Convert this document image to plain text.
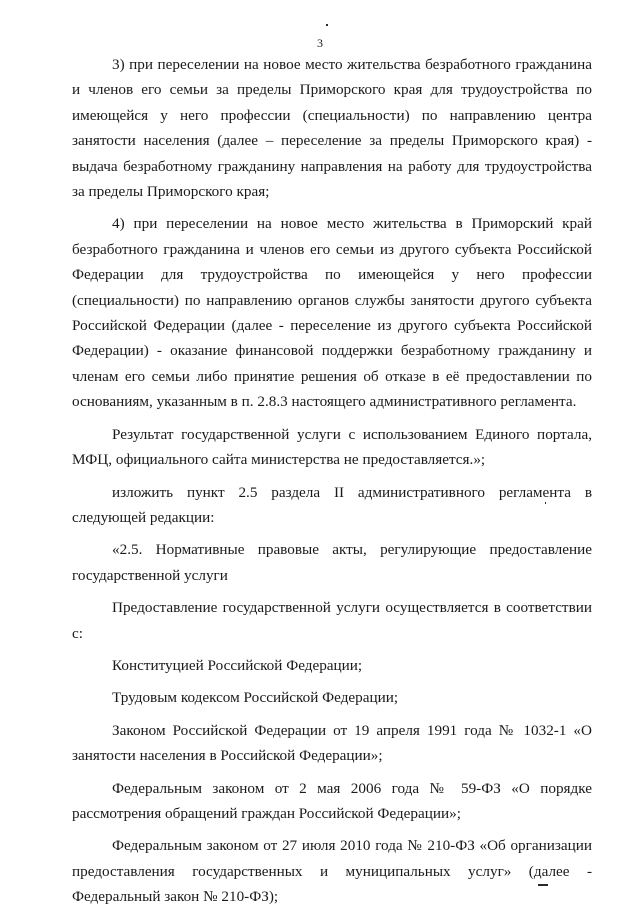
3

3) при переселении на новое место жительства безработного гражданина и членов его семьи за пределы Приморского края для трудоустройства по имеющейся у него профессии (специальности) по направлению центра занятости населения (далее – переселение за пределы Приморского края) - выдача безработному гражданину направления на работу для трудоустройства за пределы Приморского края;

4) при переселении на новое место жительства в Приморский край безработного гражданина и членов его семьи из другого субъекта Российской Федерации для трудоустройства по имеющейся у него профессии (специальности) по направлению органов службы занятости другого субъекта Российской Федерации (далее - переселение из другого субъекта Российской Федерации) - оказание финансовой поддержки безработному гражданину и членам его семьи либо принятие решения об отказе в её предоставлении по основаниям, указанным в п. 2.8.3 настоящего административного регламента.

Результат государственной услуги с использованием Единого портала, МФЦ, официального сайта министерства не предоставляется.»;

изложить пункт 2.5 раздела II административного регламента в следующей редакции:

«2.5. Нормативные правовые акты, регулирующие предоставление государственной услуги

Предоставление государственной услуги осуществляется в соответствии с:

Конституцией Российской Федерации;

Трудовым кодексом Российской Федерации;

Законом Российской Федерации от 19 апреля 1991 года № 1032-1 «О занятости населения в Российской Федерации»;

Федеральным законом от 2 мая 2006 года № 59-ФЗ «О порядке рассмотрения обращений граждан Российской Федерации»;

Федеральным законом от 27 июля 2010 года № 210-ФЗ «Об организации предоставления государственных и муниципальных услуг» (далее - Федеральный закон № 210-ФЗ);
